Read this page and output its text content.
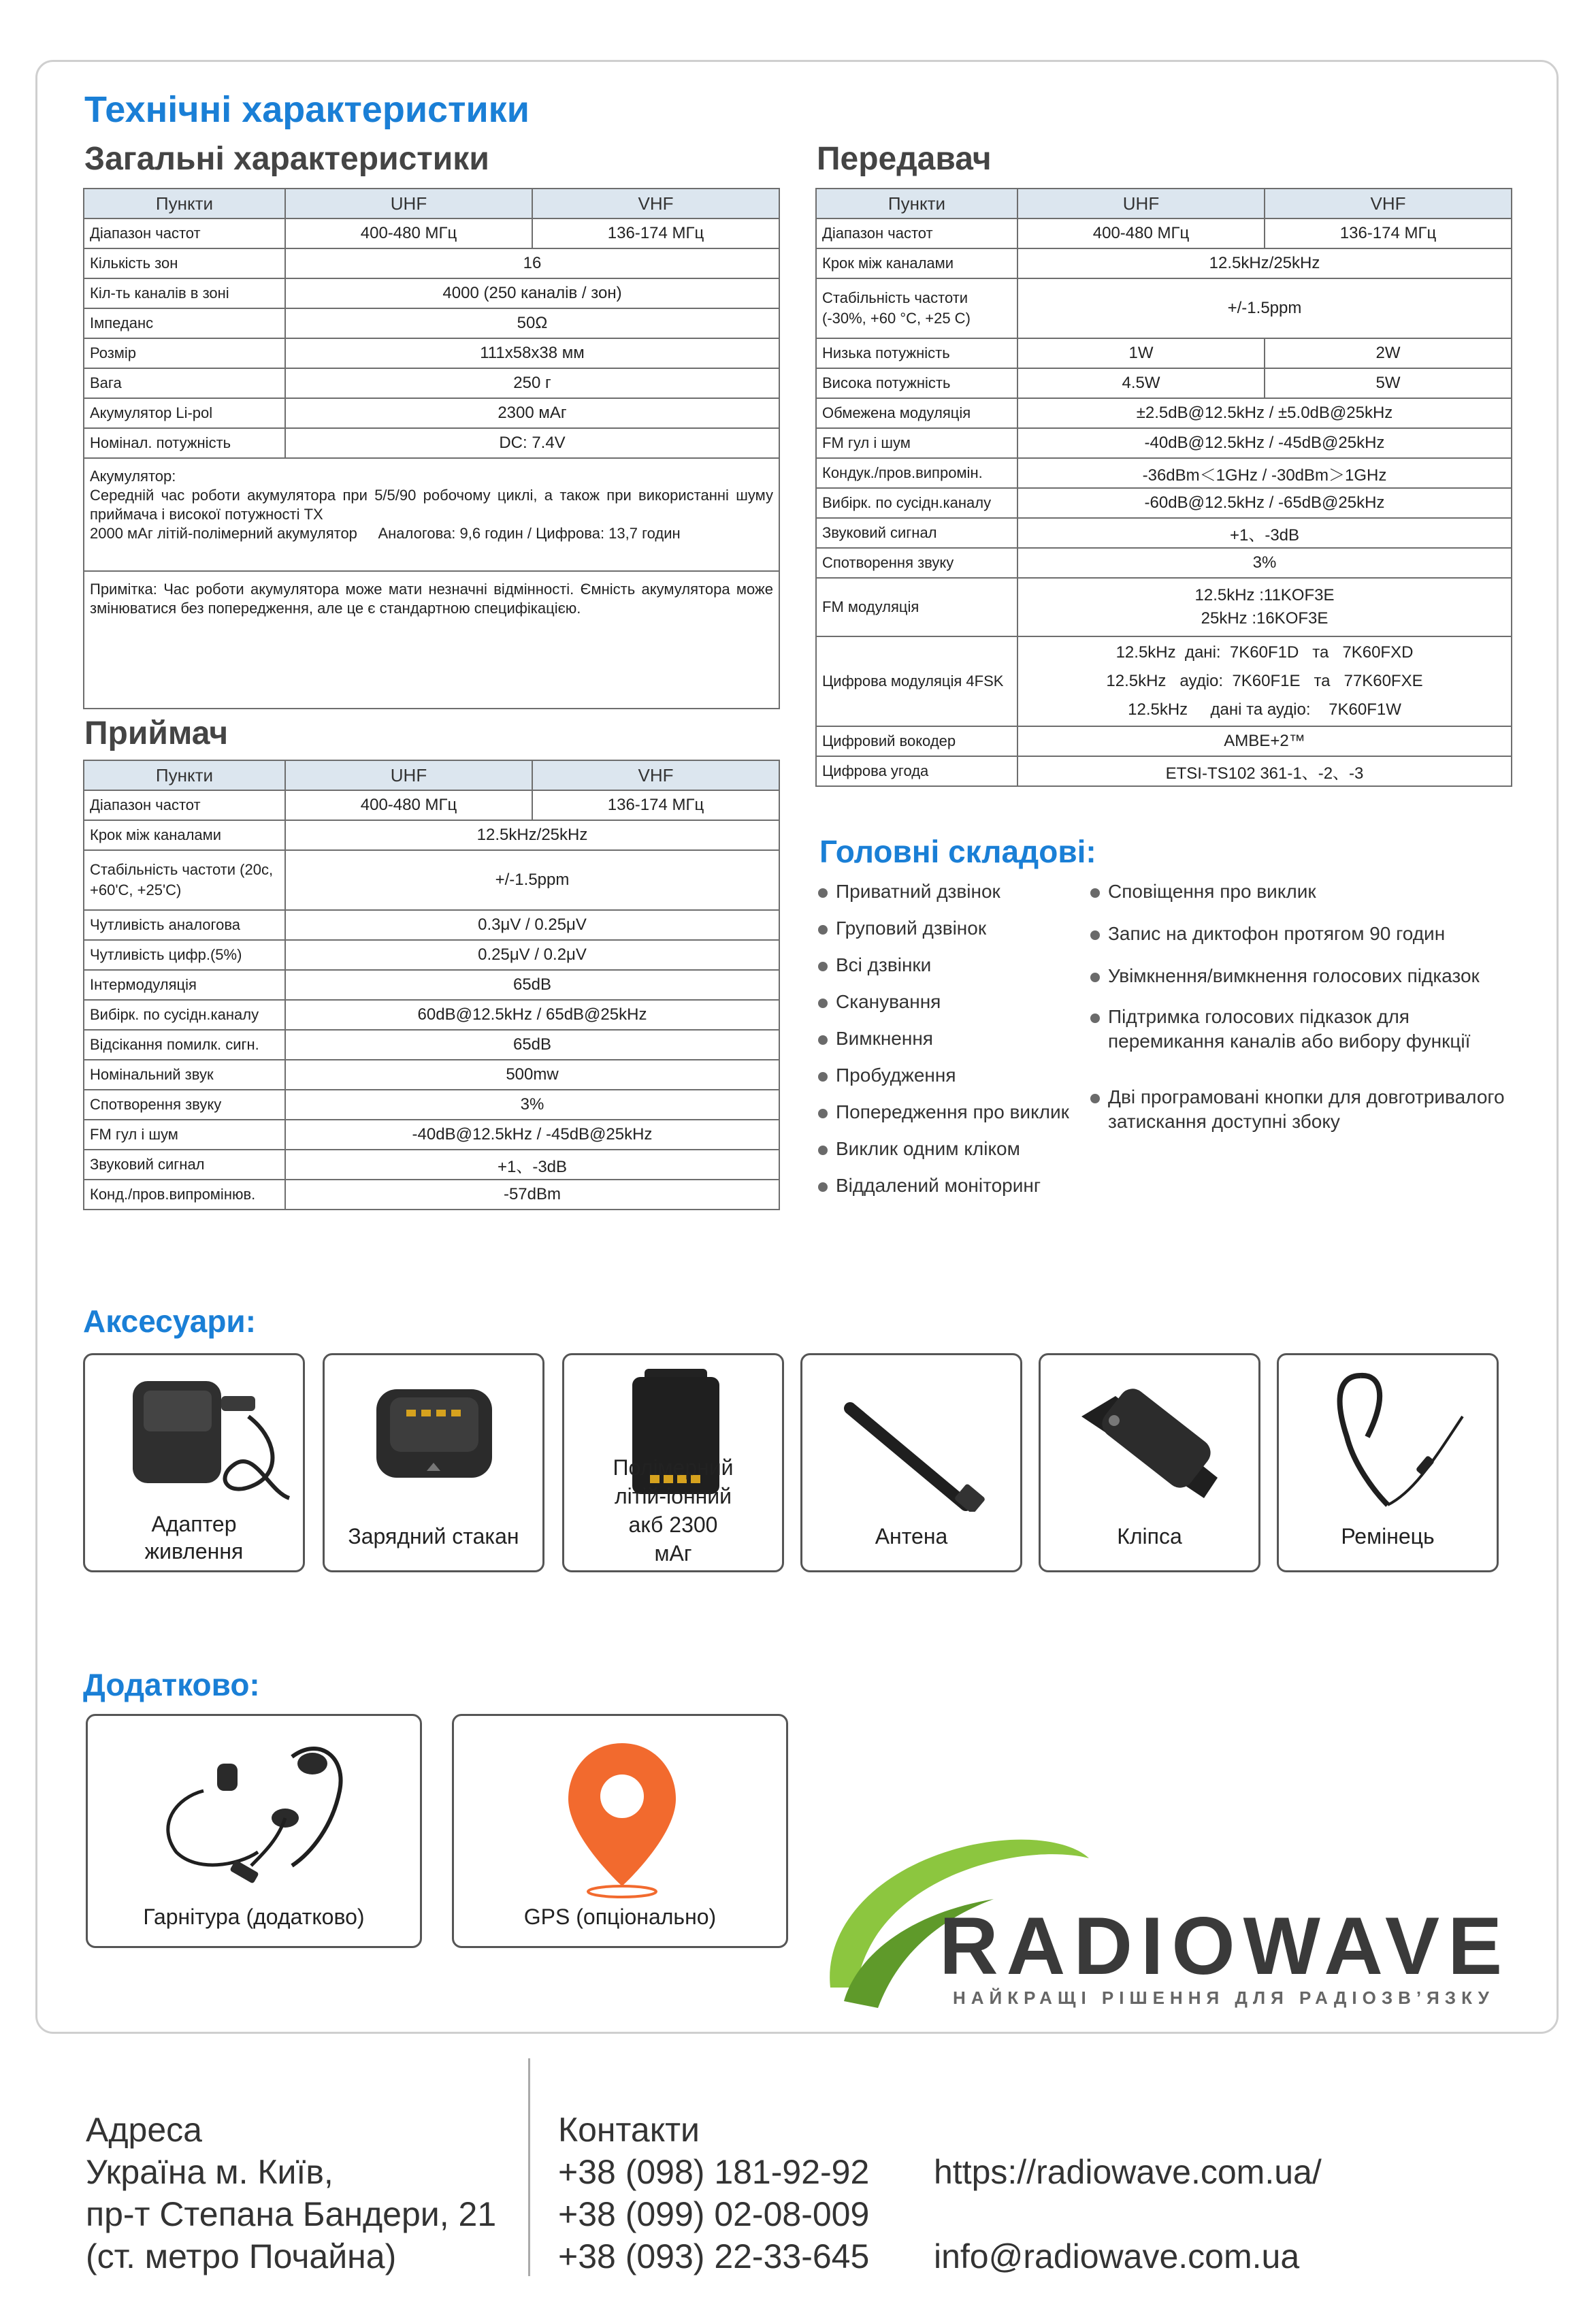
Технічні характеристики
Загальні характеристики	Передавач
Пункти	UHF	VHF
Діапазон частот	400-480 МГц	136-174 МГц
Кількість зон	16	
Кіл-ть каналів в зоні	4000 (250 каналів / зон)	
Імпеданс	50Ω	
Розмір	111x58x38 мм	
Вага	250 г	
Акумулятор Li-pol	2300 мАг	
Номінал. потужність	DC: 7.4V	

Акумулятор:
Середній час роботи акумулятора при 5/5/90 робочому циклі, а також при використанні шуму приймача і високої потужності ТХ
2000 мАг літій-полімерний акумулятор     Аналогова: 9,6 годин / Цифрова: 13,7 годин		

Примітка: Час роботи акумулятора може мати незначні відмінності. Ємність акумулятора може змінюватися без попередження, але це є стандартною специфікацією.		
Пункти	UHF	VHF
Діапазон частот	400-480 МГц	136-174 МГц
Крок між каналами	12.5kHz/25kHz	
Стабільність частоти (-30%, +60 °C, +25 C)	+/-1.5ppm	
Низька потужність	1W	2W
Висока потужність	4.5W	5W
Обмежена модуляція	±2.5dB@12.5kHz / ±5.0dB@25kHz	
FM гул і шум	-40dB@12.5kHz / -45dB@25kHz	
Кондук./пров.випромін.	-36dBm＜1GHz / -30dBm＞1GHz	
Вибірк. по сусідн.каналу	-60dB@12.5kHz / -65dB@25kHz	
Звуковий сигнал	+1、-3dB	
Спотворення звуку	3%	
FM модуляція	12.5kHz :11KOF3E
25kHz :16KOF3E	

Цифрова модуляція 4FSK	12.5kHz  дані:  7K60F1D   та   7K60FXD
12.5kHz   аудіо:  7K60F1E   та   77K60FXE
12.5kHz     дані та аудіо:    7K60F1W	

Цифровий вокодер	AMBE+2™	
Цифрова угода	ETSI-TS102 361-1、-2、-3	
Приймач
Пункти	UHF	VHF
Діапазон частот	400-480 МГц	136-174 МГц
Крок між каналами	12.5kHz/25kHz	
Стабільність частоти (20с, +60'C, +25'C)	+/-1.5ppm	
Чутливість аналогова	0.3μV / 0.25μV	
Чутливість цифр.(5%)	0.25μV / 0.2μV	
Інтермодуляція	65dB	
Вибірк. по сусідн.каналу	60dB@12.5kHz / 65dB@25kHz	
Відсікання помилк. сигн.	65dB	
Номінальний звук	500mw	
Спотворення звуку	3%	
FM гул і шум	-40dB@12.5kHz / -45dB@25kHz	
Звуковий сигнал	+1、-3dB	
Конд./пров.випромінюв.	-57dBm	
Головні складові:
Приватний дзвінок
Груповий дзвінок
Всі дзвінки
Сканування
Вимкнення
Пробудження
Попередження про виклик
Виклик одним кліком
Віддалений моніторинг
Сповіщення про виклик
Запис на диктофон протягом 90 годин
Увімкнення/вимкнення голосових підказок
Підтримка голосових підказок для перемикання каналів або вибору функції
Дві програмовані кнопки для довготривалого затискання доступні збоку
Аксесуари:
Адаптер живлення
Зарядний стакан
Полімерний літій-іонний акб 2300 мАг
Антена	Кліпса	Ремінець
Додатково:
Гарнітура (додатково)	GPS (опціонально)	RADIOWAVE
НАЙКРАЩІ РІШЕННЯ ДЛЯ РАДІОЗВ’ЯЗКУ
Адреса
Україна м. Київ,
пр-т Степана Бандери, 21
(ст. метро Почайна)
Контакти
+38 (098) 181-92-92
+38 (099) 02-08-009
+38 (093) 22-33-645
https://radiowave.com.ua/
info@radiowave.com.ua
